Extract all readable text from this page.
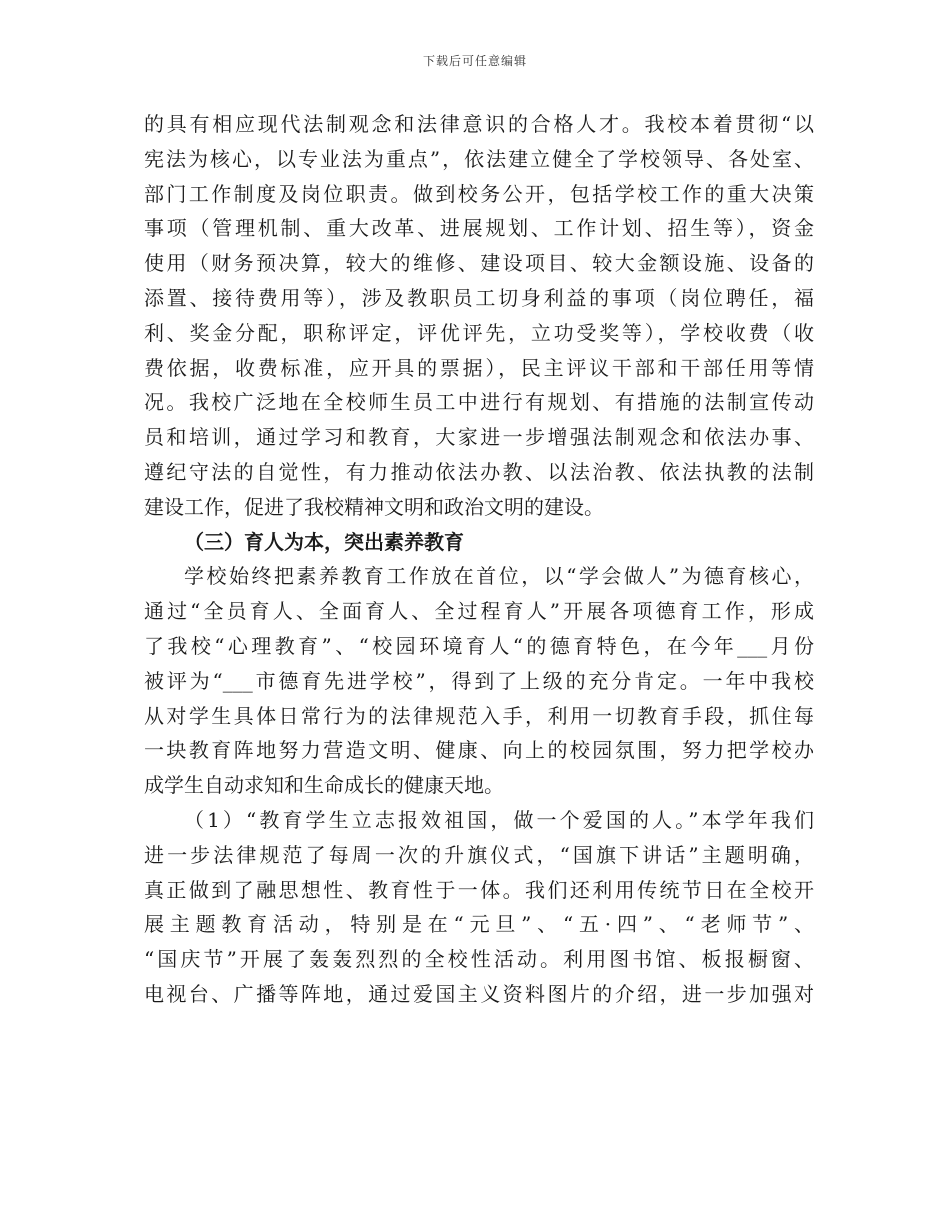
下载后可任意编辑
的具有相应现代法制观念和法律意识的合格人才。我校本着贯彻“以
宪法为核心，以专业法为重点”，依法建立健全了学校领导、各处室、
部门工作制度及岗位职责。做到校务公开，包括学校工作的重大决策
事项（管理机制、重大改革、进展规划、工作计划、招生等），资金
使用（财务预决算，较大的维修、建设项目、较大金额设施、设备的
添置、接待费用等），涉及教职员工切身利益的事项（岗位聘任，福
利、奖金分配，职称评定，评优评先，立功受奖等），学校收费（收
费依据，收费标准，应开具的票据），民主评议干部和干部任用等情
况。我校广泛地在全校师生员工中进行有规划、有措施的法制宣传动
员和培训，通过学习和教育，大家进一步增强法制观念和依法办事、
遵纪守法的自觉性，有力推动依法办教、以法治教、依法执教的法制
建设工作，促进了我校精神文明和政治文明的建设。
（三）育人为本，突出素养教育
学校始终把素养教育工作放在首位，以“学会做人”为德育核心，
通过“全员育人、全面育人、全过程育人”开展各项德育工作，形成
了我校“心理教育”、“校园环境育人“的德育特色，在今年___月份
被评为“___市德育先进学校”，得到了上级的充分肯定。一年中我校
从对学生具体日常行为的法律规范入手，利用一切教育手段，抓住每
一块教育阵地努力营造文明、健康、向上的校园氛围，努力把学校办
成学生自动求知和生命成长的健康天地。
（1）“教育学生立志报效祖国，做一个爱国的人。”本学年我们
进一步法律规范了每周一次的升旗仪式，“国旗下讲话”主题明确，
真正做到了融思想性、教育性于一体。我们还利用传统节日在全校开
展主题教育活动，特别是在“元旦”、“五·四”、“老师节”、
“国庆节”开展了轰轰烈烈的全校性活动。利用图书馆、板报橱窗、
电视台、广播等阵地，通过爱国主义资料图片的介绍，进一步加强对
